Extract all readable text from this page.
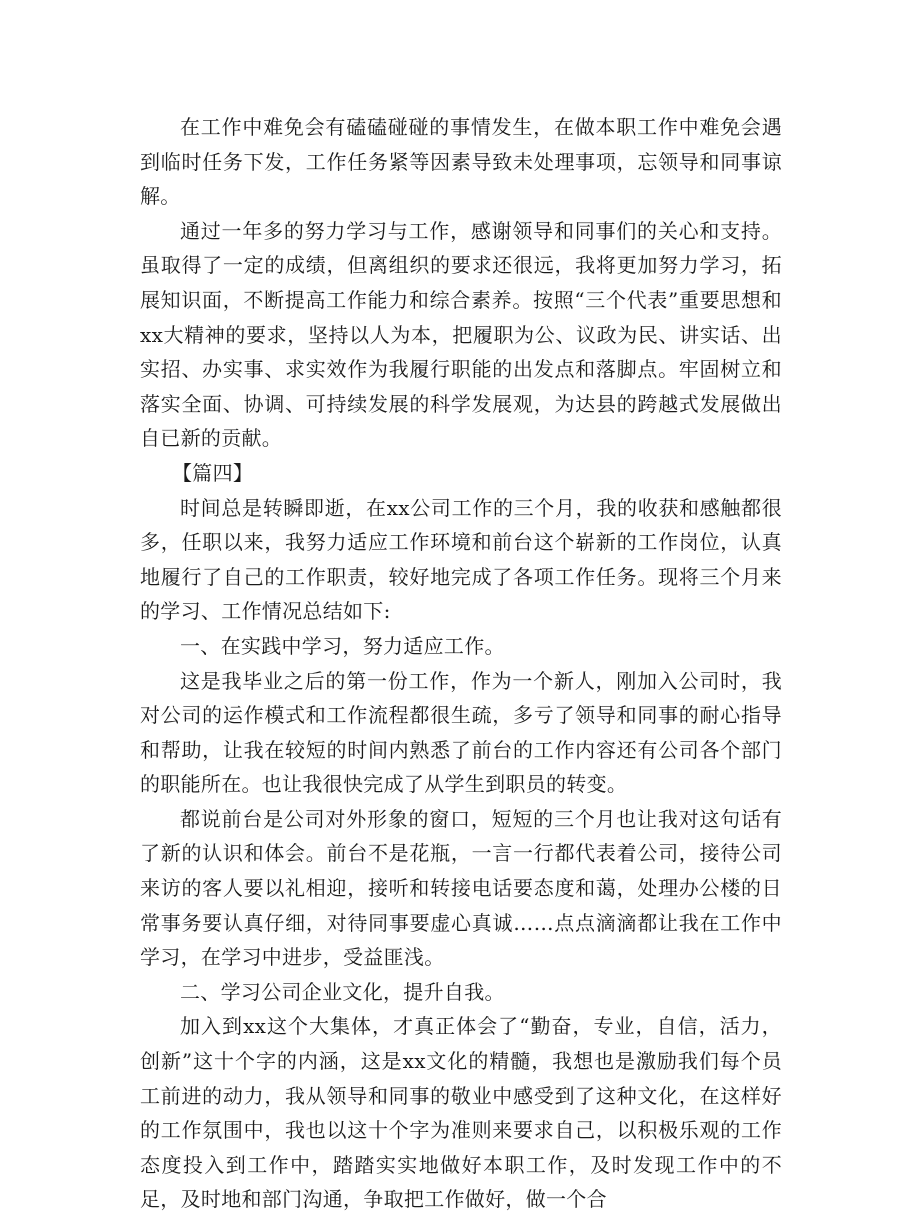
在工作中难免会有磕磕碰碰的事情发生，在做本职工作中难免会遇到临时任务下发，工作任务紧等因素导致未处理事项，忘领导和同事谅解。

通过一年多的努力学习与工作，感谢领导和同事们的关心和支持。虽取得了一定的成绩，但离组织的要求还很远，我将更加努力学习，拓展知识面，不断提高工作能力和综合素养。按照“三个代表”重要思想和xx大精神的要求，坚持以人为本，把履职为公、议政为民、讲实话、出实招、办实事、求实效作为我履行职能的出发点和落脚点。牢固树立和落实全面、协调、可持续发展的科学发展观，为达县的跨越式发展做出自已新的贡献。

【篇四】

时间总是转瞬即逝，在xx公司工作的三个月，我的收获和感触都很多，任职以来，我努力适应工作环境和前台这个崭新的工作岗位，认真地履行了自己的工作职责，较好地完成了各项工作任务。现将三个月来的学习、工作情况总结如下:

一、在实践中学习，努力适应工作。

这是我毕业之后的第一份工作，作为一个新人，刚加入公司时，我对公司的运作模式和工作流程都很生疏，多亏了领导和同事的耐心指导和帮助，让我在较短的时间内熟悉了前台的工作内容还有公司各个部门的职能所在。也让我很快完成了从学生到职员的转变。

都说前台是公司对外形象的窗口，短短的三个月也让我对这句话有了新的认识和体会。前台不是花瓶，一言一行都代表着公司，接待公司来访的客人要以礼相迎，接听和转接电话要态度和蔼，处理办公楼的日常事务要认真仔细，对待同事要虚心真诚……点点滴滴都让我在工作中学习，在学习中进步，受益匪浅。

二、学习公司企业文化，提升自我。

加入到xx这个大集体，才真正体会了“勤奋，专业，自信，活力，创新”这十个字的内涵，这是xx文化的精髓，我想也是激励我们每个员工前进的动力，我从领导和同事的敬业中感受到了这种文化，在这样好的工作氛围中，我也以这十个字为准则来要求自己，以积极乐观的工作态度投入到工作中，踏踏实实地做好本职工作，及时发现工作中的不足，及时地和部门沟通，争取把工作做好，做一个合
